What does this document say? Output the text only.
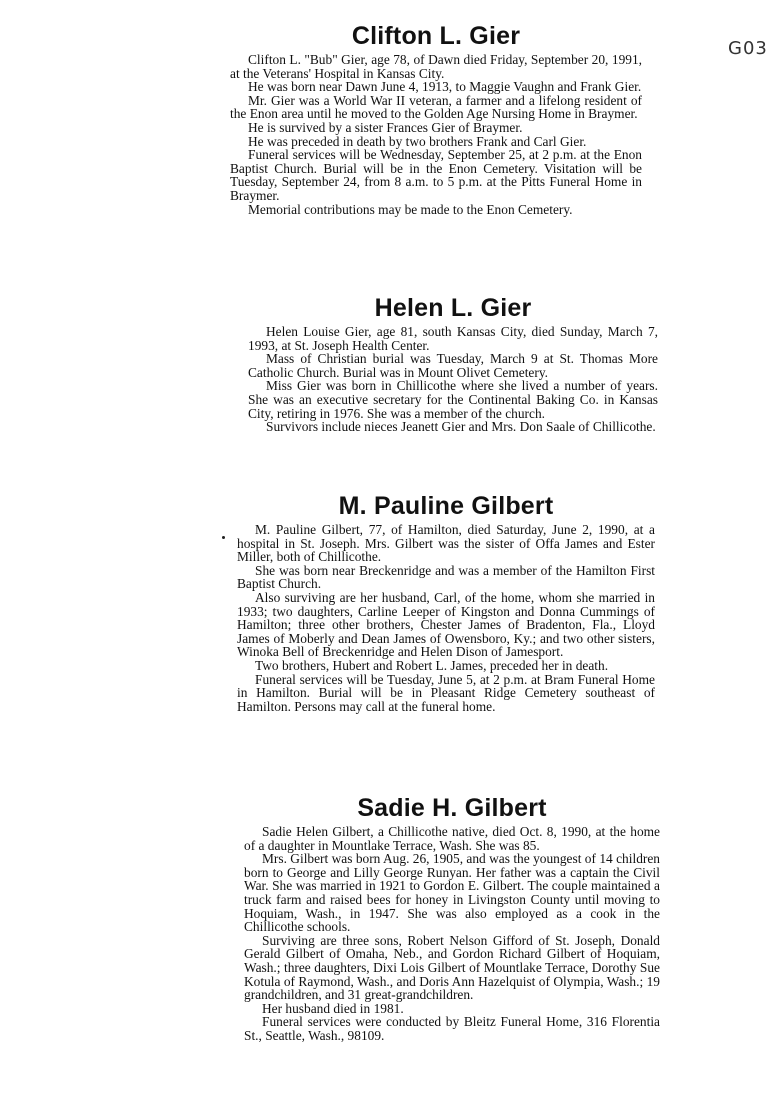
G03
Clifton L. Gier

Clifton L. "Bub" Gier, age 78, of Dawn died Friday, September 20, 1991, at the Veterans' Hospital in Kansas City.

He was born near Dawn June 4, 1913, to Maggie Vaughn and Frank Gier.

Mr. Gier was a World War II veteran, a farmer and a lifelong resident of the Enon area until he moved to the Golden Age Nursing Home in Braymer.

He is survived by a sister Frances Gier of Braymer.

He was preceded in death by two brothers Frank and Carl Gier.

Funeral services will be Wednesday, September 25, at 2 p.m. at the Enon Baptist Church. Burial will be in the Enon Cemetery. Visitation will be Tuesday, September 24, from 8 a.m. to 5 p.m. at the Pitts Funeral Home in Braymer.

Memorial contributions may be made to the Enon Cemetery.

Helen L. Gier

Helen Louise Gier, age 81, south Kansas City, died Sunday, March 7, 1993, at St. Joseph Health Center.

Mass of Christian burial was Tuesday, March 9 at St. Thomas More Catholic Church. Burial was in Mount Olivet Cemetery.

Miss Gier was born in Chillicothe where she lived a number of years. She was an executive secretary for the Continental Baking Co. in Kansas City, retiring in 1976. She was a member of the church.

Survivors include nieces Jeanett Gier and Mrs. Don Saale of Chillicothe.

M. Pauline Gilbert

M. Pauline Gilbert, 77, of Hamilton, died Saturday, June 2, 1990, at a hospital in St. Joseph. Mrs. Gilbert was the sister of Offa James and Ester Miller, both of Chillicothe.

She was born near Breckenridge and was a member of the Hamilton First Baptist Church.

Also surviving are her husband, Carl, of the home, whom she married in 1933; two daughters, Carline Leeper of Kingston and Donna Cummings of Hamilton; three other brothers, Chester James of Bradenton, Fla., Lloyd James of Moberly and Dean James of Owensboro, Ky.; and two other sisters, Winoka Bell of Breckenridge and Helen Dison of Jamesport.

Two brothers, Hubert and Robert L. James, preceded her in death.

Funeral services will be Tuesday, June 5, at 2 p.m. at Bram Funeral Home in Hamilton. Burial will be in Pleasant Ridge Cemetery southeast of Hamilton. Persons may call at the funeral home.

Sadie H. Gilbert

Sadie Helen Gilbert, a Chillicothe native, died Oct. 8, 1990, at the home of a daughter in Mountlake Terrace, Wash. She was 85.

Mrs. Gilbert was born Aug. 26, 1905, and was the youngest of 14 children born to George and Lilly George Runyan. Her father was a captain the Civil War. She was married in 1921 to Gordon E. Gilbert. The couple maintained a truck farm and raised bees for honey in Livingston County until moving to Hoquiam, Wash., in 1947. She was also employed as a cook in the Chillicothe schools.

Surviving are three sons, Robert Nelson Gifford of St. Joseph, Donald Gerald Gilbert of Omaha, Neb., and Gordon Richard Gilbert of Hoquiam, Wash.; three daughters, Dixi Lois Gilbert of Mountlake Terrace, Dorothy Sue Kotula of Raymond, Wash., and Doris Ann Hazelquist of Olympia, Wash.; 19 grandchildren, and 31 great-grandchildren.

Her husband died in 1981.

Funeral services were conducted by Bleitz Funeral Home, 316 Florentia St., Seattle, Wash., 98109.
